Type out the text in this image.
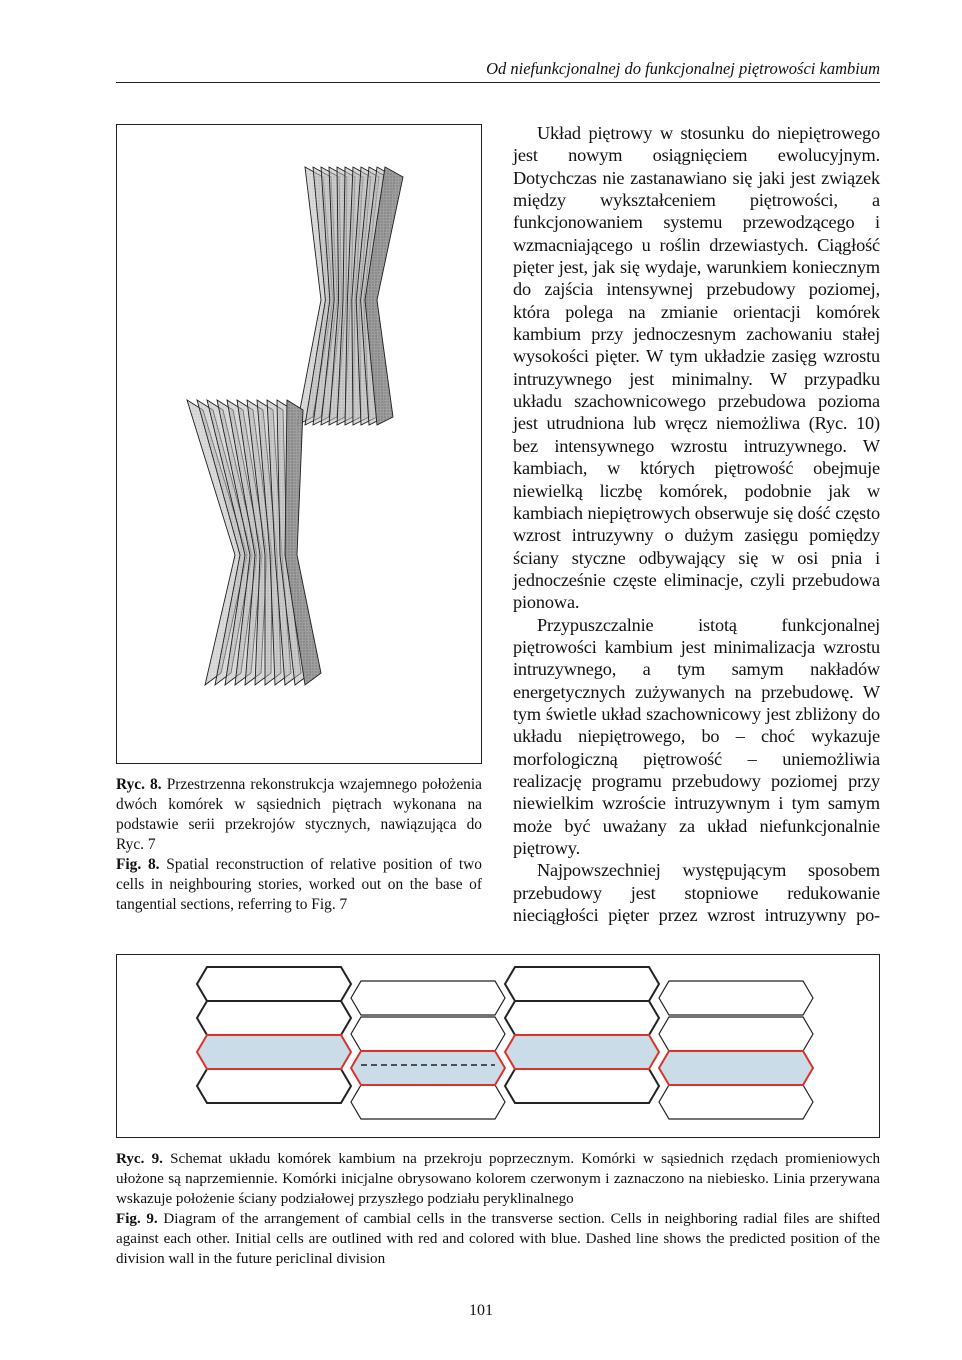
Od niefunkcjonalnej do funkcjonalnej piętrowości kambium

Ryc. 8. Przestrzenna rekonstrukcja wzajemnego położenia dwóch komórek w sąsiednich piętrach wykonana na podstawie serii przekrojów stycznych, nawiązująca do Ryc. 7

Fig. 8. Spatial reconstruction of relative position of two cells in neighbouring stories, worked out on the base of tangential sections, referring to Fig. 7

Układ piętrowy w stosunku do niepiętrowego jest nowym osiągnięciem ewolucyjnym. Dotychczas nie zastanawiano się jaki jest związek między wykształceniem piętrowości, a funkcjonowaniem systemu przewodzącego i wzmacniającego u roślin drzewiastych. Ciągłość pięter jest, jak się wydaje, warunkiem koniecznym do zajścia intensywnej przebudowy poziomej, która polega na zmianie orientacji komórek kambium przy jednoczesnym zachowaniu stałej wysokości pięter. W tym układzie zasięg wzrostu intruzywnego jest minimalny. W przypadku układu szachownicowego przebudowa pozioma jest utrudniona lub wręcz niemożliwa (Ryc. 10) bez intensywnego wzrostu intruzywnego. W kambiach, w których piętrowość obejmuje niewielką liczbę komórek, podobnie jak w kambiach niepiętrowych obserwuje się dość często wzrost intruzywny o dużym zasięgu pomiędzy ściany styczne odbywający się w osi pnia i jednocześnie częste eliminacje, czyli przebudowa pionowa.

Przypuszczalnie istotą funkcjonalnej piętrowości kambium jest minimalizacja wzrostu intruzywnego, a tym samym nakładów energetycznych zużywanych na przebudowę. W tym świetle układ szachownicowy jest zbliżony do układu niepiętrowego, bo – choć wykazuje morfologiczną piętrowość – uniemożliwia realizację programu przebudowy poziomej przy niewielkim wzroście intruzywnym i tym samym może być uważany za układ niefunkcjonalnie piętrowy.

Najpowszechniej występującym sposobem przebudowy jest stopniowe redukowanie nieciągłości pięter przez wzrost intruzywny po-

Ryc. 9. Schemat układu komórek kambium na przekroju poprzecznym. Komórki w sąsiednich rzędach promieniowych ułożone są naprzemiennie. Komórki inicjalne obrysowano kolorem czerwonym i zaznaczono na niebiesko. Linia przerywana wskazuje położenie ściany podziałowej przyszłego podziału peryklinalnego

Fig. 9. Diagram of the arrangement of cambial cells in the transverse section. Cells in neighboring radial files are shifted against each other. Initial cells are outlined with red and colored with blue. Dashed line shows the predicted position of the division wall in the future periclinal division

101
